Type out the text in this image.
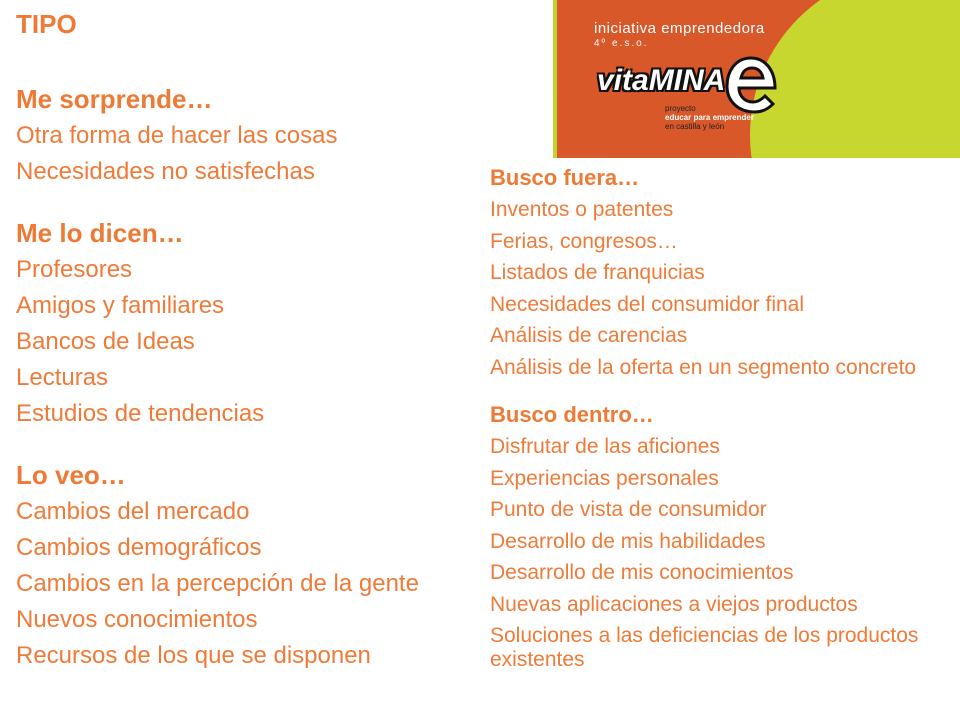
TIPO
Me sorprende…
Otra forma de hacer las cosas
Necesidades no satisfechas
Me lo dicen…
Profesores
Amigos y familiares
Bancos de Ideas
Lecturas
Estudios de tendencias
Lo veo…
Cambios del mercado
Cambios demográficos
Cambios en la percepción de la gente
Nuevos conocimientos
Recursos de los que se disponen
iniciativa emprendedora
4º e.s.o.
vitaMINA
proyecto
educar para emprender
en castilla y león
Busco fuera…
Inventos o patentes
Ferias, congresos…
Listados de franquicias
Necesidades del consumidor final
Análisis de carencias
Análisis de la oferta en un segmento concreto
Busco dentro…
Disfrutar de las aficiones
Experiencias personales
Punto de vista de consumidor
Desarrollo de mis habilidades
Desarrollo de mis conocimientos
Nuevas aplicaciones a viejos productos
Soluciones a las deficiencias de los productos existentes
